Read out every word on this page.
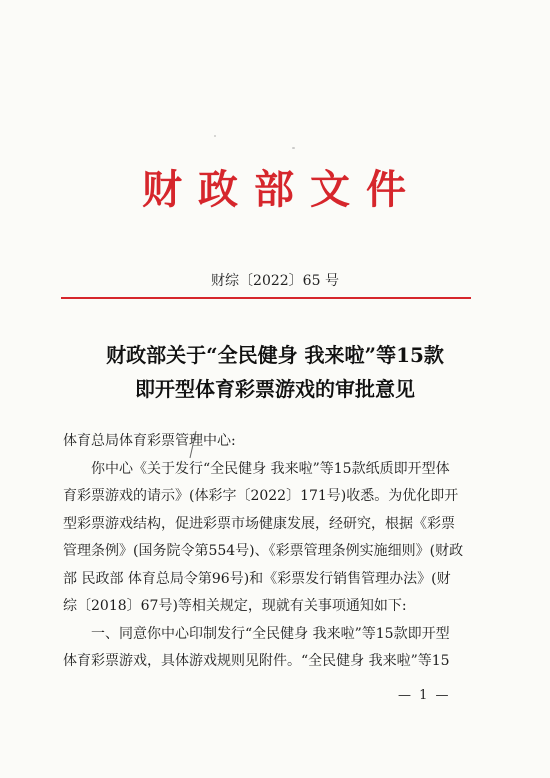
财政部文件
财综〔2022〕65 号
财政部关于“全民健身 我来啦”等15款
即开型体育彩票游戏的审批意见

体育总局体育彩票管理中心:

你中心《关于发行“全民健身 我来啦”等15款纸质即开型体

育彩票游戏的请示》(体彩字〔2022〕171号)收悉。为优化即开

型彩票游戏结构，促进彩票市场健康发展，经研究，根据《彩票

管理条例》(国务院令第554号)、《彩票管理条例实施细则》(财政

部 民政部 体育总局令第96号)和《彩票发行销售管理办法》(财

综〔2018〕67号)等相关规定，现就有关事项通知如下:

一、同意你中心印制发行“全民健身 我来啦”等15款即开型

体育彩票游戏，具体游戏规则见附件。“全民健身 我来啦”等15

— 1 —
